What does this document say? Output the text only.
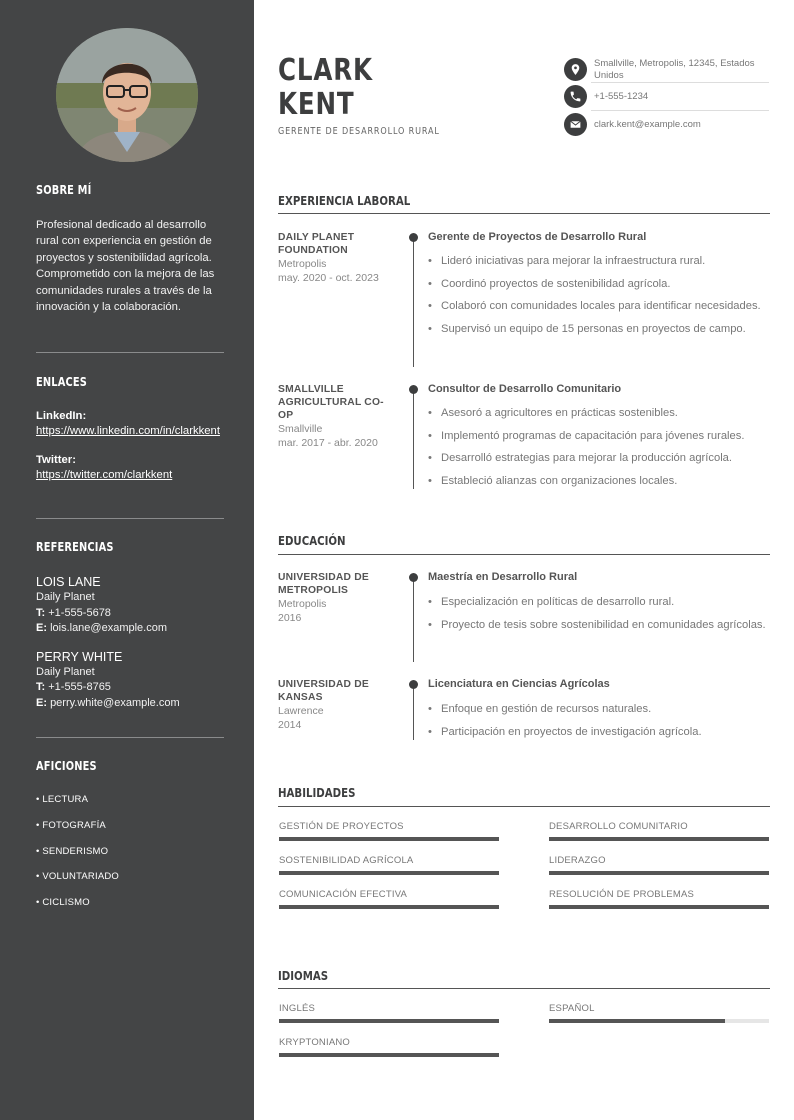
SOBRE MÍ
Profesional dedicado al desarrollo rural con experiencia en gestión de proyectos y sostenibilidad agrícola. Comprometido con la mejora de las comunidades rurales a través de la innovación y la colaboración.
ENLACES
LinkedIn:
https://www.linkedin.com/in/clarkkent
Twitter:
https://twitter.com/clarkkent
REFERENCIAS
LOIS LANE
Daily Planet
T: +1-555-5678
E: lois.lane@example.com
PERRY WHITE
Daily Planet
T: +1-555-8765
E: perry.white@example.com
AFICIONES
• LECTURA
• FOTOGRAFÍA
• SENDERISMO
• VOLUNTARIADO
• CICLISMO
CLARK
KENT
GERENTE DE DESARROLLO RURAL
Smallville, Metropolis, 12345, Estados Unidos
+1-555-1234
clark.kent@example.com
EXPERIENCIA LABORAL
DAILY PLANET FOUNDATION
Metropolis
may. 2020 - oct. 2023
Gerente de Proyectos de Desarrollo Rural
• Lideró iniciativas para mejorar la infraestructura rural.
• Coordinó proyectos de sostenibilidad agrícola.
• Colaboró con comunidades locales para identificar necesidades.
• Supervisó un equipo de 15 personas en proyectos de campo.
SMALLVILLE AGRICULTURAL CO-OP
Smallville
mar. 2017 - abr. 2020
Consultor de Desarrollo Comunitario
• Asesoró a agricultores en prácticas sostenibles.
• Implementó programas de capacitación para jóvenes rurales.
• Desarrolló estrategias para mejorar la producción agrícola.
• Estableció alianzas con organizaciones locales.
EDUCACIÓN
UNIVERSIDAD DE METROPOLIS
Metropolis
2016
Maestría en Desarrollo Rural
• Especialización en políticas de desarrollo rural.
• Proyecto de tesis sobre sostenibilidad en comunidades agrícolas.
UNIVERSIDAD DE KANSAS
Lawrence
2014
Licenciatura en Ciencias Agrícolas
• Enfoque en gestión de recursos naturales.
• Participación en proyectos de investigación agrícola.
HABILIDADES
GESTIÓN DE PROYECTOS	DESARROLLO COMUNITARIO
SOSTENIBILIDAD AGRÍCOLA	LIDERAZGO
COMUNICACIÓN EFECTIVA	RESOLUCIÓN DE PROBLEMAS
IDIOMAS
INGLÉS	ESPAÑOL
KRYPTONIANO
